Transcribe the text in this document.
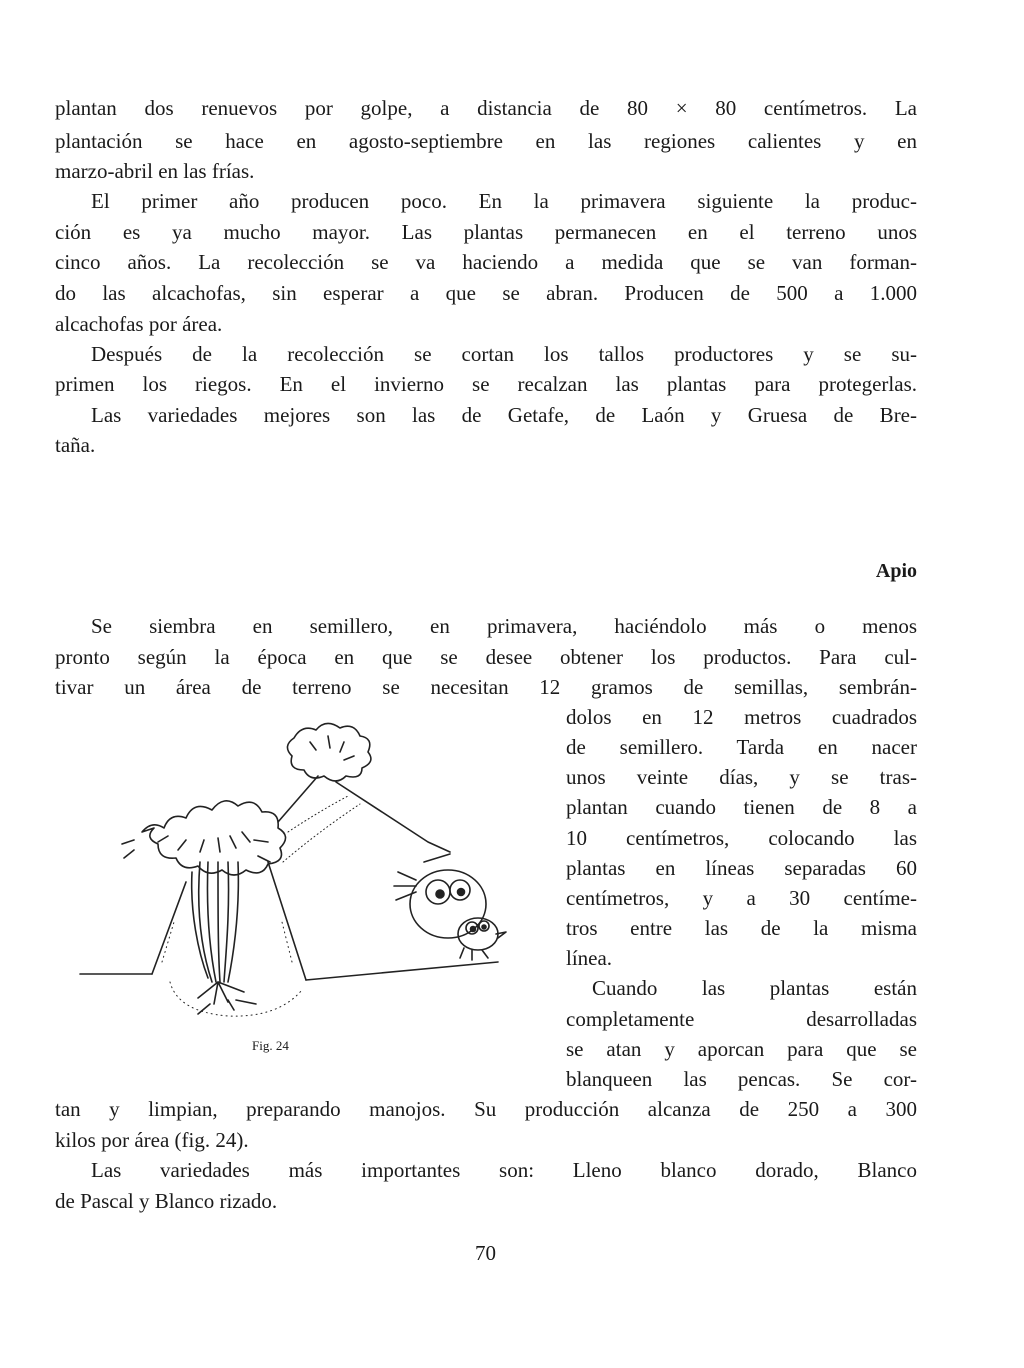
plantan dos renuevos por golpe, a distancia de 80 × 80 centímetros. La
plantación se hace en agosto-septiembre en las regiones calientes y en
marzo-abril en las frías.
El primer año producen poco. En la primavera siguiente la produc-
ción es ya mucho mayor. Las plantas permanecen en el terreno unos
cinco años. La recolección se va haciendo a medida que se van forman-
do las alcachofas, sin esperar a que se abran. Producen de 500 a 1.000
alcachofas por área.
Después de la recolección se cortan los tallos productores y se su-
primen los riegos. En el invierno se recalzan las plantas para protegerlas.
Las variedades mejores son las de Getafe, de Laón y Gruesa de Bre-
taña.
Apio
Se siembra en semillero, en primavera, haciéndolo más o menos
pronto según la época en que se desee obtener los productos. Para cul-
tivar un área de terreno se necesitan 12 gramos de semillas, sembrán-
dolos en 12 metros cuadrados
de semillero. Tarda en nacer
unos veinte días, y se tras-
plantan cuando tienen de 8 a
10 centímetros, colocando las
plantas en líneas separadas 60
centímetros, y a 30 centíme-
tros entre las de la misma
línea.
Cuando las plantas están
completamente desarrolladas
se atan y aporcan para que se
blanqueen las pencas. Se cor-
tan y limpian, preparando manojos. Su producción alcanza de 250 a 300
kilos por área (fig. 24).
Las variedades más importantes son: Lleno blanco dorado, Blanco
de Pascal y Blanco rizado.
Fig. 24
70
